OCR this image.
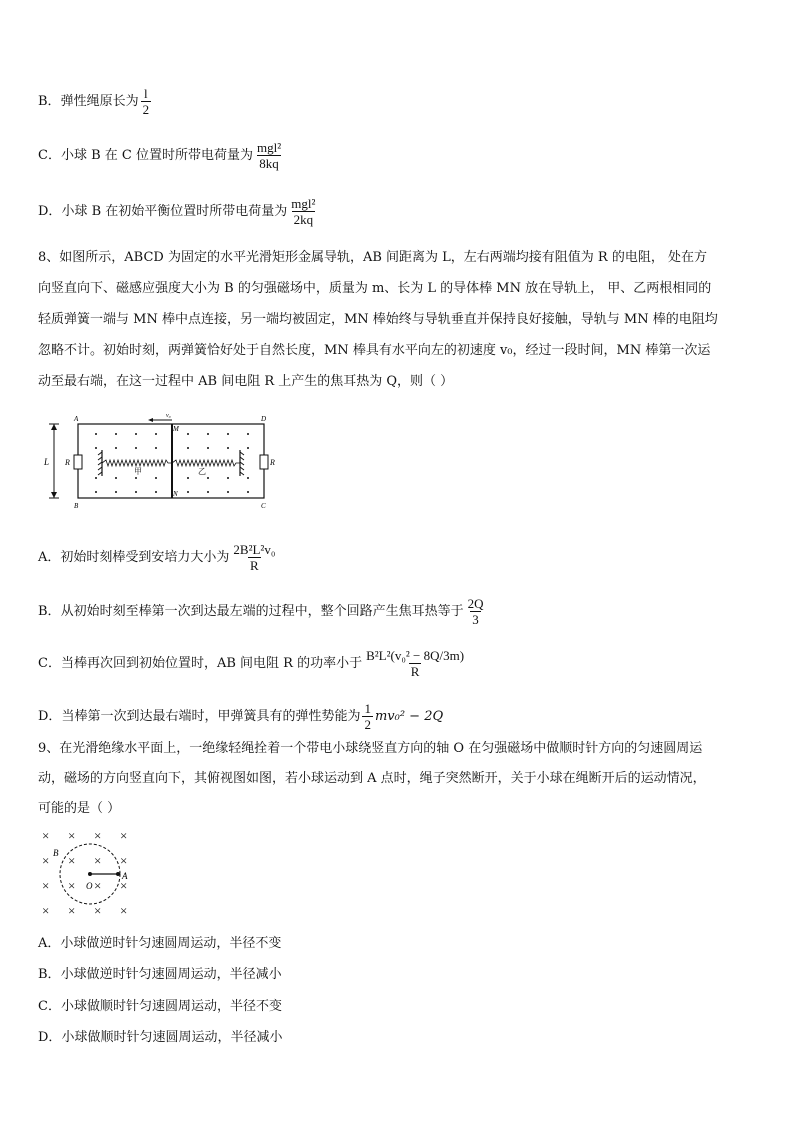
B． 弹性绳原长为 $\frac{l}{2}$
C． 小球 B 在 C 位置时所带电荷量为 $\frac{\text{mgl²}}{8kq}$
D． 小球 B 在初始平衡位置时所带电荷量为 $\frac{\text{mgl²}}{2kq}$
8、如图所示，ABCD 为固定的水平光滑矩形金属导轨，AB 间距离为 L，左右两端均接有阻值为 R 的电阻， 处在方
向竖直向下、磁感应强度大小为 B 的匀强磁场中，质量为 m、长为 L 的导体棒 MN 放在导轨上， 甲、乙两根相同的
轻质弹簧一端与 MN 棒中点连接，另一端均被固定，MN 棒始终与导轨垂直并保持良好接触，导轨与 MN 棒的电阻均
忽略不计。初始时刻，两弹簧恰好处于自然长度，MN 棒具有水平向左的初速度 v₀，经过一段时间，MN 棒第一次运
动至最右端，在这一过程中 AB 间电阻 R 上产生的焦耳热为 Q，则（ ）
L R	R
A	D
B	C
M
N
v₀
甲	乙
A． 初始时刻棒受到安培力大小为 $\frac{\text{2B²L²v₀}}{R}$
B． 从初始时刻至棒第一次到达最左端的过程中，整个回路产生焦耳热等于 $\frac{2Q}{3}$
C． 当棒再次回到初始位置时，AB 间电阻 R 的功率小于 $\frac{\text{B²L²(v₀² − 8Q/3m)}}{R}$
D． 当棒第一次到达最右端时，甲弹簧具有的弹性势能为 $\frac{1}{2} mv_0^2 - 2Q$
9、在光滑绝缘水平面上，一绝缘轻绳拴着一个带电小球绕竖直方向的轴 O 在匀强磁场中做顺时针方向的匀速圆周运
动，磁场的方向竖直向下，其俯视图如图，若小球运动到 A 点时，绳子突然断开，关于小球在绳断开后的运动情况，
可能的是（ ）
× × × ×
× × × ×
× × × ×
× × × ×
O
A
B
A．小球做逆时针匀速圆周运动，半径不变
B．小球做逆时针匀速圆周运动，半径减小
C．小球做顺时针匀速圆周运动，半径不变
D．小球做顺时针匀速圆周运动，半径减小
